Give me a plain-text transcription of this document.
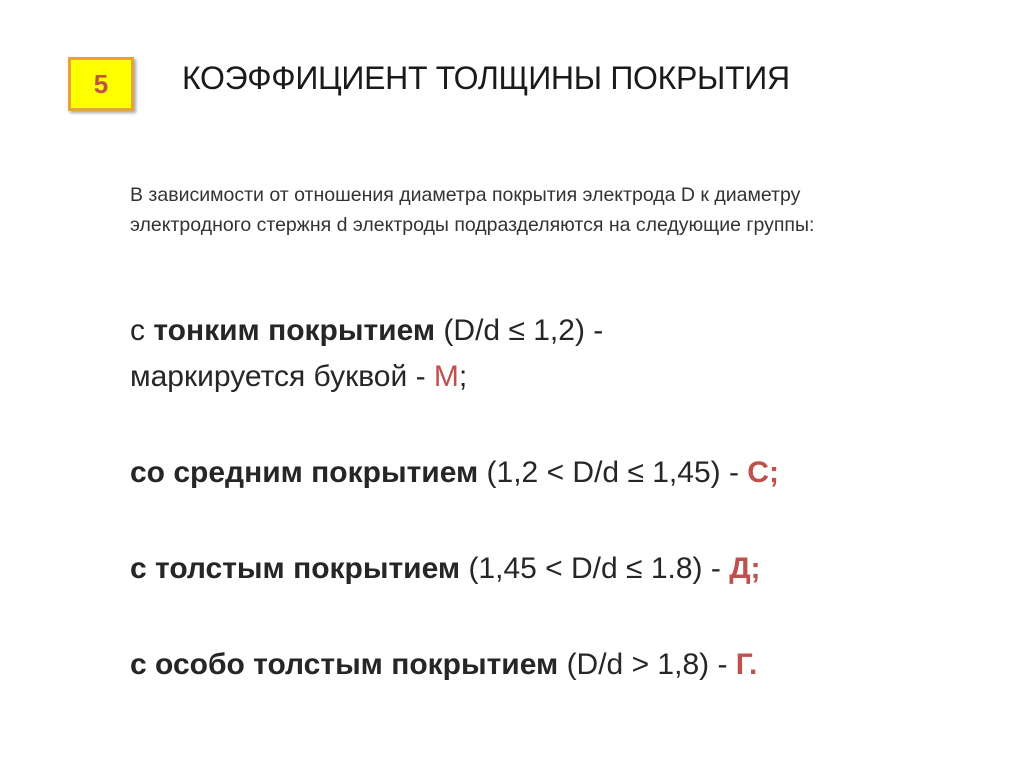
5 КОЭФФИЦИЕНТ ТОЛЩИНЫ ПОКРЫТИЯ

В зависимости от отношения диаметра покрытия электрода D к диаметру электродного стержня d электроды подразделяются на следующие группы:

с тонким покрытием (D/d ≤ 1,2) -
маркируется буквой - М;

со средним покрытием (1,2 < D/d ≤ 1,45) - С;

с толстым покрытием (1,45 < D/d ≤ 1.8) - Д;

с особо толстым покрытием (D/d > 1,8) - Г.
